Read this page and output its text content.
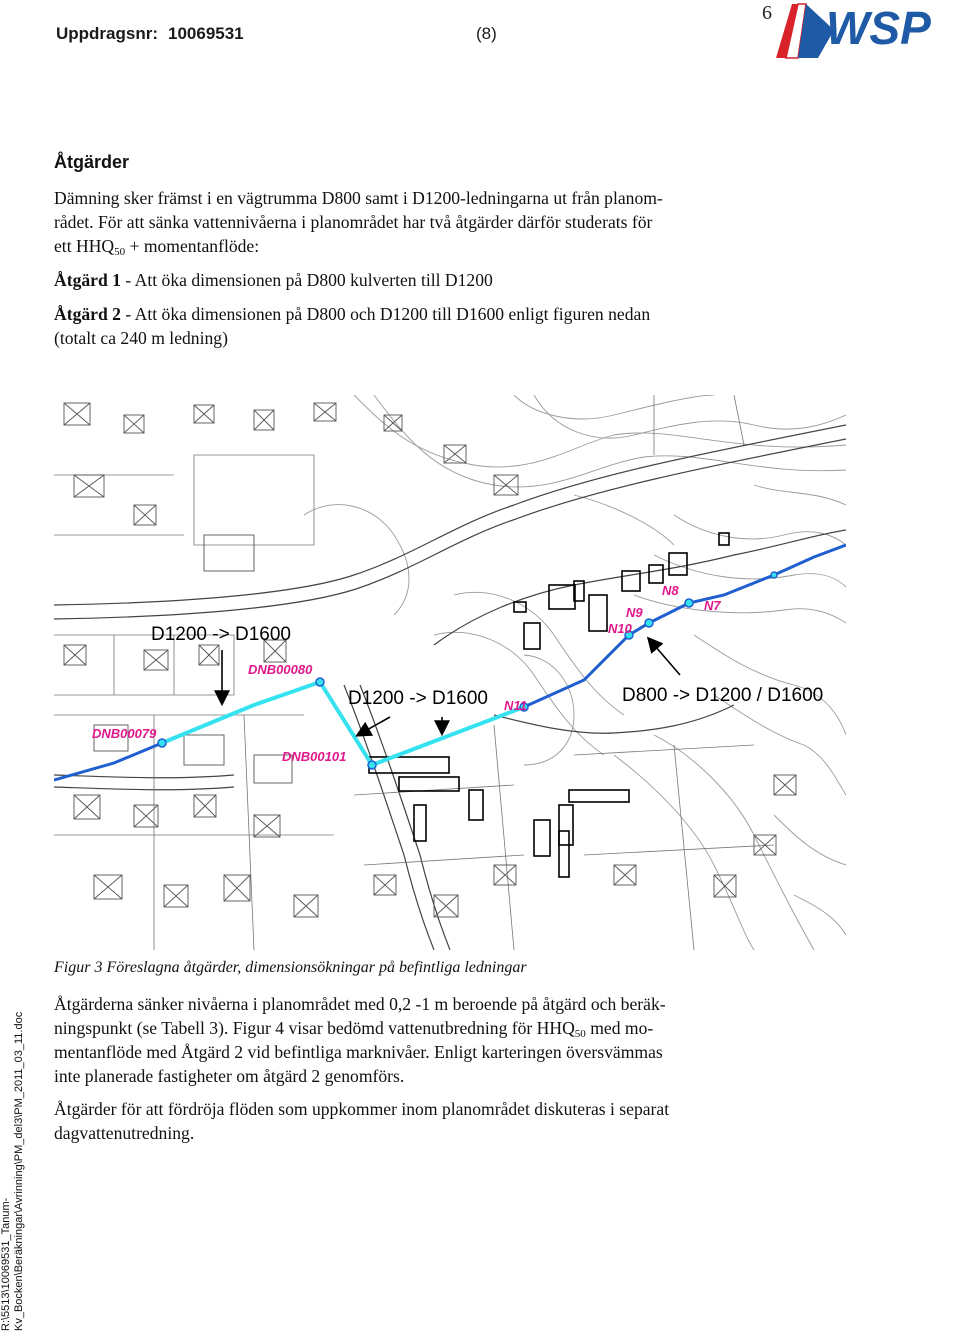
Uppdragsnr: 10069531	(8)
6 WSP
Åtgärder
Dämning sker främst i en vägtrumma D800 samt i D1200-ledningarna ut från planom-
rådet. För att sänka vattennivåerna i planområdet har två åtgärder därför studerats för
ett $HHQ_{50}$ + momentanflöde:
Åtgärd 1 - Att öka dimensionen på D800 kulverten till D1200
Åtgärd 2 - Att öka dimensionen på D800 och D1200 till D1600 enligt figuren nedan
(totalt ca 240 m ledning)
DNB00079
DNB00080
DNB00101
N11
N10
N9
N8
N7
D1200 -> D1600
D1200 -> D1600	D800 -> D1200 / D1600
Figur 3 Föreslagna åtgärder, dimensionsökningar på befintliga ledningar
Åtgärderna sänker nivåerna i planområdet med 0,2 -1 m beroende på åtgärd och beräk-
ningspunkt (se Tabell 3). Figur 4 visar bedömd vattenutbredning för $HHQ_{50}$ med mo-
mentanflöde med Åtgärd 2 vid befintliga marknivåer. Enligt karteringen översvämmas
inte planerade fastigheter om åtgärd 2 genomförs.
Åtgärder för att fördröja flöden som uppkommer inom planområdet diskuteras i separat
dagvattenutredning.
R:\5513\10069531_Tanum- Kv_Bocken\Beräkningar\Avrinning\PM_del3\PM_2011_03_11.doc
